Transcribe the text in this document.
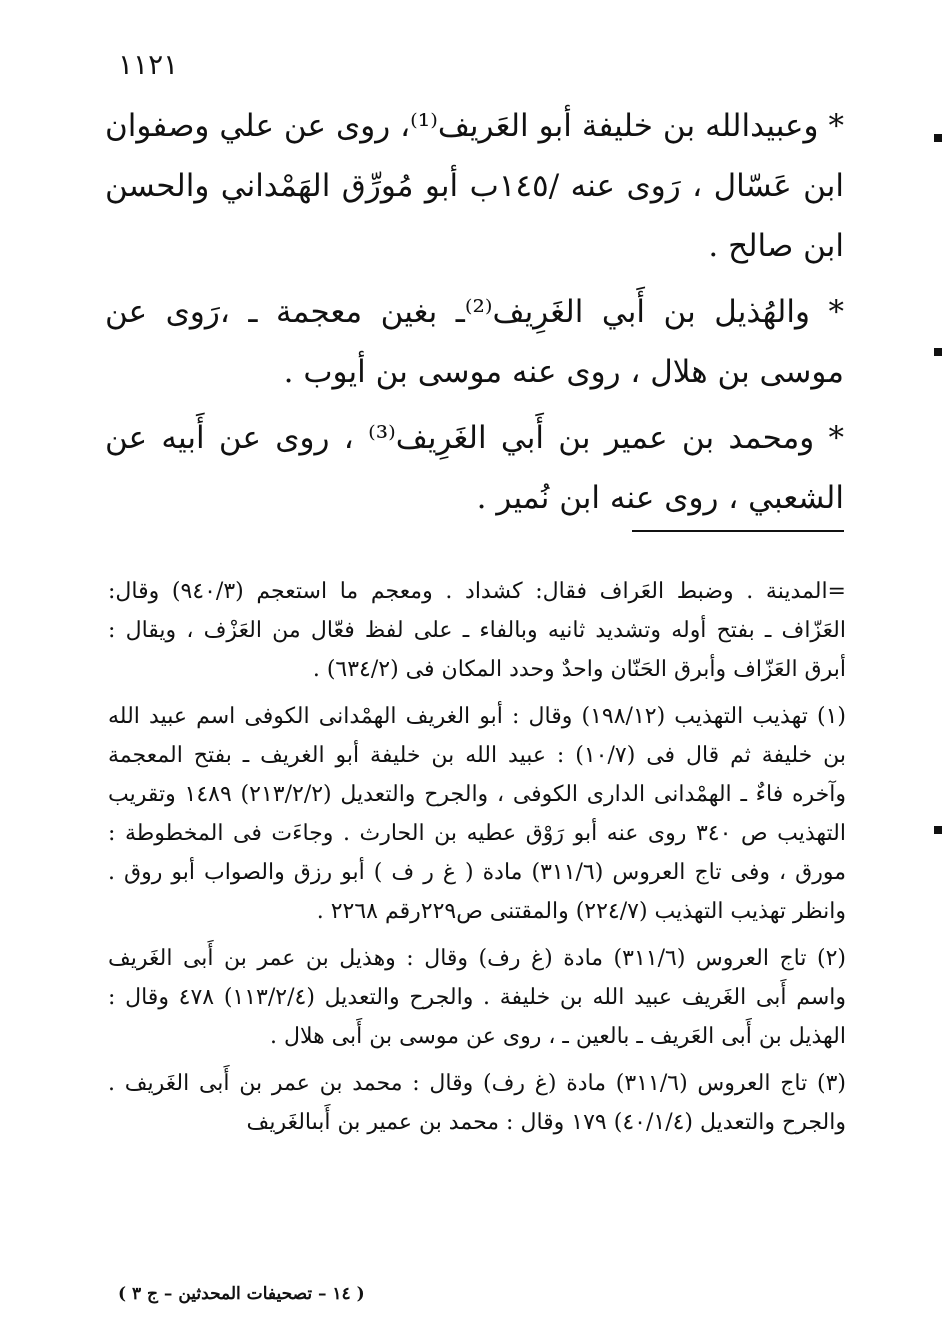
١١٢١

* وعبيدالله بن خليفة أبو العَريف⁽¹⁾، روى عن علي وصفوان ابن عَسّال ، رَوى عنه /١٤٥ب أبو مُورِّق الهَمْداني والحسن ابن صالح .

* والهُذيل بن أَبي الغَرِيف⁽²⁾ـ بغين معجمة ـ ،رَوى عن موسى بن هلال ، روى عنه موسى بن أيوب .

* ومحمد بن عمير بن أَبي الغَرِيف⁽³⁾ ، روى عن أَبيه عن الشعبي ، روى عنه ابن نُمير .

=المدينة . وضبط العَراف فقال: كشداد . ومعجم ما استعجم (٩٤٠/٣) وقال: العَزّاف ـ بفتح أوله وتشديد ثانيه وبالفاء ـ على لفظ فعّال من العَزْف ، ويقال : أبرق العَزّاف وأبرق الحَنّان واحدٌ وحدد المكان فى (٦٣٤/٢) .

(١) تهذيب التهذيب (١٩٨/١٢) وقال : أبو الغريف الهمْدانى الكوفى اسم عبيد الله بن خليفة ثم قال فى (١٠/٧) : عبيد الله بن خليفة أبو الغريف ـ بفتح المعجمة وآخره فاءٌ ـ الهمْدانى الدارى الكوفى ، والجرح والتعديل (٢١٣/٢/٢) ١٤٨٩ وتقريب التهذيب ص ٣٤٠ روى عنه أبو رَوْق عطيه بن الحارث . وجاءَت فى المخطوطة : مورق ، وفى تاج العروس (٣١١/٦) مادة ( غ ر ف ) أبو رزق والصواب أبو روق . وانظر تهذيب التهذيب (٢٢٤/٧) والمقتنى ص٢٢٩رقم ٢٢٦٨ .

(٢) تاج العروس (٣١١/٦) مادة (غ رف) وقال : وهذيل بن عمر بن أَبى الغَريف واسم أَبى الغَريف عبيد الله بن خليفة . والجرح والتعديل (١١٣/٢/٤) ٤٧٨ وقال : الهذيل بن أَبى العَريف ـ بالعين ـ ، روى عن موسى بن أَبى هلال .

(٣) تاج العروس (٣١١/٦) مادة (غ رف) وقال : محمد بن عمر بن أَبى الغَريف . والجرح والتعديل (٤٠/١/٤) ١٧٩ وقال : محمد بن عمير بن أَبىالغَريف

( ١٤ – تصحيفات المحدثين – ج ٣ )
